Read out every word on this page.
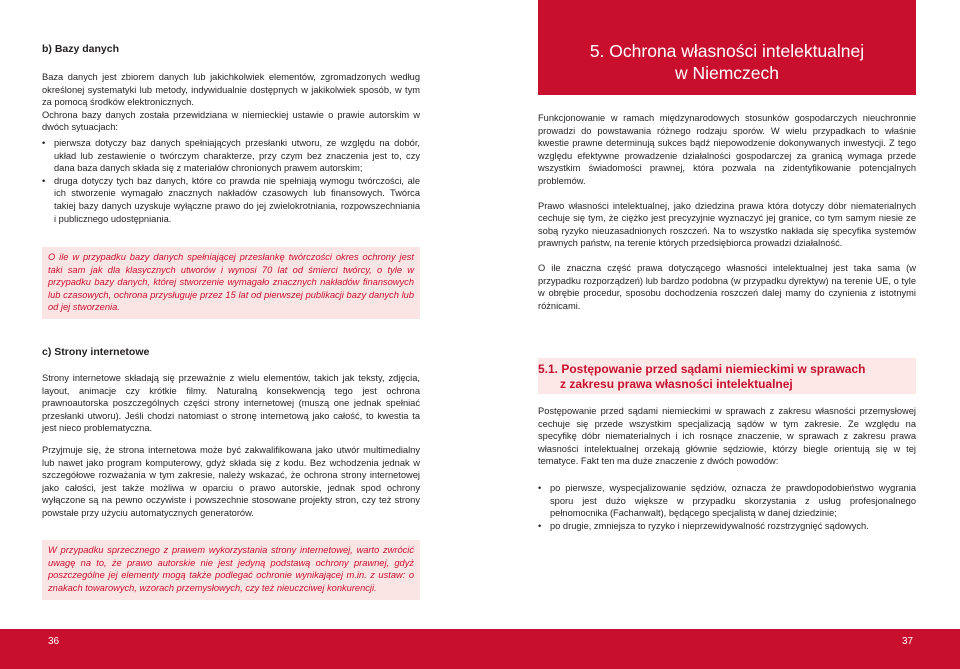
b) Bazy danych

Baza danych jest zbiorem danych lub jakichkolwiek elementów, zgromadzonych według określonej systematyki lub metody, indywidualnie dostępnych w jakikolwiek sposób, w tym za pomocą środków elektronicznych.

Ochrona bazy danych została przewidziana w niemieckiej ustawie o prawie autorskim w dwóch sytuacjach:

• pierwsza dotyczy baz danych spełniających przesłanki utworu, ze względu na dobór, układ lub zestawienie o twórczym charakterze, przy czym bez znaczenia jest to, czy dana baza danych składa się z materiałów chronionych prawem autorskim;
• druga dotyczy tych baz danych, które co prawda nie spełniają wymogu twórczości, ale ich stworzenie wymagało znacznych nakładów czasowych lub finansowych. Twórca takiej bazy danych uzyskuje wyłączne prawo do jej zwielokrotniania, rozpowszechniania i publicznego udostępniania.
O ile w przypadku bazy danych spełniającej przesłankę twórczości okres ochrony jest taki sam jak dla klasycznych utworów i wynosi 70 lat od śmierci twórcy, o tyle w przypadku bazy danych, której stworzenie wymagało znacznych nakładów finansowych lub czasowych, ochrona przysługuje przez 15 lat od pierwszej publikacji bazy danych lub od jej stworzenia.
c) Strony internetowe

Strony internetowe składają się przeważnie z wielu elementów, takich jak teksty, zdjęcia, layout, animacje czy krótkie filmy. Naturalną konsekwencją tego jest ochrona prawnoautorska poszczególnych części strony internetowej (muszą one jednak spełniać przesłanki utworu). Jeśli chodzi natomiast o stronę internetową jako całość, to kwestia ta jest nieco problematyczna.

Przyjmuje się, że strona internetowa może być zakwalifikowana jako utwór multimedialny lub nawet jako program komputerowy, gdyż składa się z kodu. Bez wchodzenia jednak w szczegółowe rozważania w tym zakresie, należy wskazać, że ochrona strony internetowej jako całości, jest także możliwa w oparciu o prawo autorskie, jednak spod ochrony wyłączone są na pewno oczywiste i powszechnie stosowane projekty stron, czy też strony powstałe przy użyciu automatycznych generatorów.

W przypadku sprzecznego z prawem wykorzystania strony internetowej, warto zwrócić uwagę na to, że prawo autorskie nie jest jedyną podstawą ochrony prawnej, gdyż poszczególne jej elementy mogą także podlegać ochronie wynikającej m.in. z ustaw: o znakach towarowych, wzorach przemysłowych, czy też nieuczciwej konkurencji.
5. Ochrona własności intelektualnej
w Niemczech

Funkcjonowanie w ramach międzynarodowych stosunków gospodarczych nieuchronnie prowadzi do powstawania różnego rodzaju sporów. W wielu przypadkach to właśnie kwestie prawne determinują sukces bądź niepowodzenie dokonywanych inwestycji. Z tego względu efektywne prowadzenie działalności gospodarczej za granicą wymaga przede wszystkim świadomości prawnej, która pozwala na zidentyfikowanie potencjalnych problemów.

Prawo własności intelektualnej, jako dziedzina prawa która dotyczy dóbr niematerialnych cechuje się tym, że ciężko jest precyzyjnie wyznaczyć jej granice, co tym samym niesie ze sobą ryzyko nieuzasadnionych roszczeń. Na to wszystko nakłada się specyfika systemów prawnych państw, na terenie których przedsiębiorca prowadzi działalność.

O ile znaczna część prawa dotyczącego własności intelektualnej jest taka sama (w przypadku rozporządzeń) lub bardzo podobna (w przypadku dyrektyw) na terenie UE, o tyle w obrębie procedur, sposobu dochodzenia roszczeń dalej mamy do czynienia z istotnymi różnicami.

5.1. Postępowanie przed sądami niemieckimi w sprawach
z zakresu prawa własności intelektualnej

Postępowanie przed sądami niemieckimi w sprawach z zakresu własności przemysłowej cechuje się przede wszystkim specjalizacją sądów w tym zakresie. Ze względu na specyfikę dóbr niematerialnych i ich rosnące znaczenie, w sprawach z zakresu prawa własności intelektualnej orzekają głównie sędziowie, którzy biegle orientują się w tej tematyce. Fakt ten ma duże znaczenie z dwóch powodów:

• po pierwsze, wyspecjalizowanie sędziów, oznacza że prawdopodobieństwo wygrania sporu jest dużo większe w przypadku skorzystania z usług profesjonalnego pełnomocnika (Fachanwalt), będącego specjalistą w danej dziedzinie;
• po drugie, zmniejsza to ryzyko i nieprzewidywalność rozstrzygnięć sądowych.
36	37
